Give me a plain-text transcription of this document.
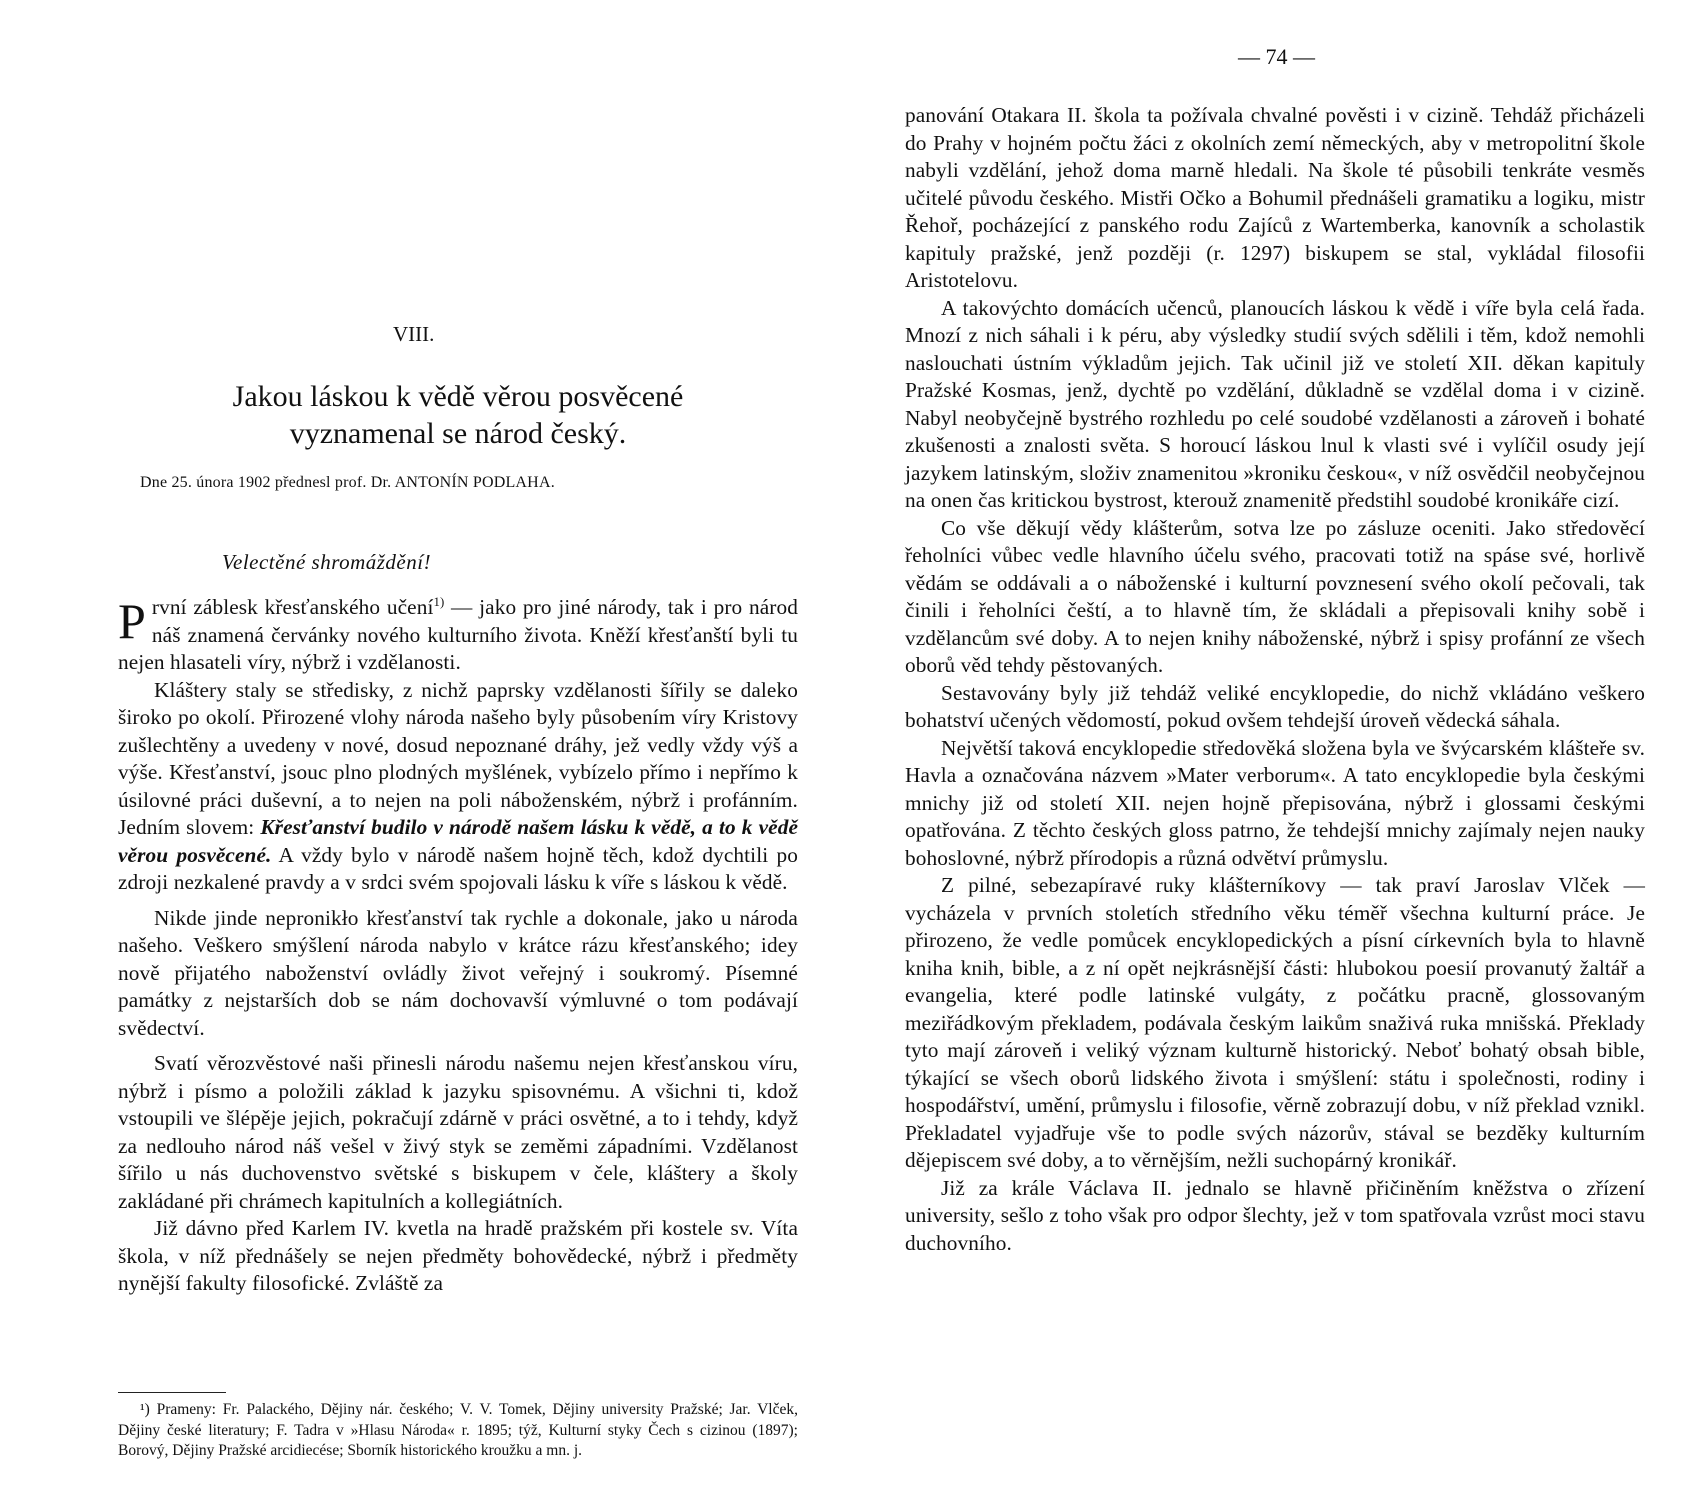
— 74 —
VIII.
Jakou láskou k vědě věrou posvěcené
vyznamenal se národ český.
Dne 25. února 1902 přednesl prof. Dr. ANTONÍN PODLAHA.
Velectěné shromáždění!

První záblesk křesťanského učení$^{1)}$ — jako pro jiné národy, tak i pro národ náš znamená červánky nového kulturního života. Kněží křesťanští byli tu nejen hlasateli víry, nýbrž i vzdělanosti.

Kláštery staly se středisky, z nichž paprsky vzdělanosti šířily se daleko široko po okolí. Přirozené vlohy národa našeho byly působením víry Kristovy zušlechtěny a uvedeny v nové, dosud nepoznané dráhy, jež vedly vždy výš a výše. Křesťanství, jsouc plno plodných myšlének, vybízelo přímo i nepřímo k úsilovné práci duševní, a to nejen na poli náboženském, nýbrž i profánním. Jedním slovem: Křesťanství budilo v národě našem lásku k vědě, a to k vědě věrou posvěcené. A vždy bylo v národě našem hojně těch, kdož dychtili po zdroji nezkalené pravdy a v srdci svém spojovali lásku k víře s láskou k vědě.

Nikde jinde nepronikło křesťanství tak rychle a dokonale, jako u národa našeho. Veškero smýšlení národa nabylo v krátce rázu křesťanského; idey nově přijatého naboženství ovládly život veřejný i soukromý. Písemné památky z nejstarších dob se nám dochovavší výmluvné o tom podávají svědectví.

Svatí věrozvěstové naši přinesli národu našemu nejen křesťanskou víru, nýbrž i písmo a položili základ k jazyku spisovnému. A všichni ti, kdož vstoupili ve šlépěje jejich, pokračují zdárně v práci osvětné, a to i tehdy, když za nedlouho národ náš vešel v živý styk se zeměmi západními. Vzdělanost šířilo u nás duchovenstvo světské s biskupem v čele, kláštery a školy zakládané při chrámech kapitulních a kollegiátních.

Již dávno před Karlem IV. kvetla na hradě pražském při kostele sv. Víta škola, v níž přednášely se nejen předměty bohovědecké, nýbrž i předměty nynější fakulty filosofické. Zvláště za

¹) Prameny: Fr. Palackého, Dějiny nár. českého; V. V. Tomek, Dějiny university Pražské; Jar. Vlček, Dějiny české literatury; F. Tadra v »Hlasu Národa« r. 1895; týž, Kulturní styky Čech s cizinou (1897); Borový, Dějiny Pražské arcidiecése; Sborník historického kroužku a mn. j.

panování Otakara II. škola ta požívala chvalné pověsti i v cizině. Tehdáž přicházeli do Prahy v hojném počtu žáci z okolních zemí německých, aby v metropolitní škole nabyli vzdělání, jehož doma marně hledali. Na škole té působili tenkráte vesměs učitelé původu českého. Mistři Očko a Bohumil přednášeli gramatiku a logiku, mistr Řehoř, pocházející z panského rodu Zajíců z Wartemberka, kanovník a scholastik kapituly pražské, jenž později (r. 1297) biskupem se stal, vykládal filosofii Aristotelovu.

A takovýchto domácích učenců, planoucích láskou k vědě i víře byla celá řada. Mnozí z nich sáhali i k péru, aby výsledky studií svých sdělili i těm, kdož nemohli naslouchati ústním výkladům jejich. Tak učinil již ve století XII. děkan kapituly Pražské Kosmas, jenž, dychtě po vzdělání, důkladně se vzdělal doma i v cizině. Nabyl neobyčejně bystrého rozhledu po celé soudobé vzdělanosti a zároveň i bohaté zkušenosti a znalosti světa. S horoucí láskou lnul k vlasti své i vylíčil osudy její jazykem latinským, složiv znamenitou »kroniku českou«, v níž osvědčil neobyčejnou na onen čas kritickou bystrost, kterouž znamenitě předstihl soudobé kronikáře cizí.

Co vše děkují vědy klášterům, sotva lze po zásluze oceniti. Jako středověcí řeholníci vůbec vedle hlavního účelu svého, pracovati totiž na spáse své, horlivě vědám se oddávali a o náboženské i kulturní povznesení svého okolí pečovali, tak činili i řeholníci čeští, a to hlavně tím, že skládali a přepisovali knihy sobě i vzdělancům své doby. A to nejen knihy náboženské, nýbrž i spisy profánní ze všech oborů věd tehdy pěstovaných.

Sestavovány byly již tehdáž veliké encyklopedie, do nichž vkládáno veškero bohatství učených vědomostí, pokud ovšem tehdejší úroveň vědecká sáhala.

Největší taková encyklopedie středověká složena byla ve švýcarském klášteře sv. Havla a označována názvem »Mater verborum«. A tato encyklopedie byla českými mnichy již od století XII. nejen hojně přepisována, nýbrž i glossami českými opatřována. Z těchto českých gloss patrno, že tehdejší mnichy zajímaly nejen nauky bohoslovné, nýbrž přírodopis a různá odvětví průmyslu.

Z pilné, sebezapíravé ruky klášterníkovy — tak praví Jaroslav Vlček — vycházela v prvních stoletích středního věku téměř všechna kulturní práce. Je přirozeno, že vedle pomůcek encyklopedických a písní církevních byla to hlavně kniha knih, bible, a z ní opět nejkrásnější části: hlubokou poesií provanutý žaltář a evangelia, které podle latinské vulgáty, z počátku pracně, glossovaným meziřádkovým překladem, podávala českým laikům snaživá ruka mnišská. Překlady tyto mají zároveň i veliký význam kulturně historický. Neboť bohatý obsah bible, týkající se všech oborů lidského života i smýšlení: státu i společnosti, rodiny i hospodářství, umění, průmyslu i filosofie, věrně zobrazují dobu, v níž překlad vznikl. Překladatel vyjadřuje vše to podle svých názorův, stával se bezděky kulturním dějepiscem své doby, a to věrnějším, nežli suchopárný kronikář.

Již za krále Václava II. jednalo se hlavně přičiněním kněžstva o zřízení university, sešlo z toho však pro odpor šlechty, jež v tom spatřovala vzrůst moci stavu duchovního.
